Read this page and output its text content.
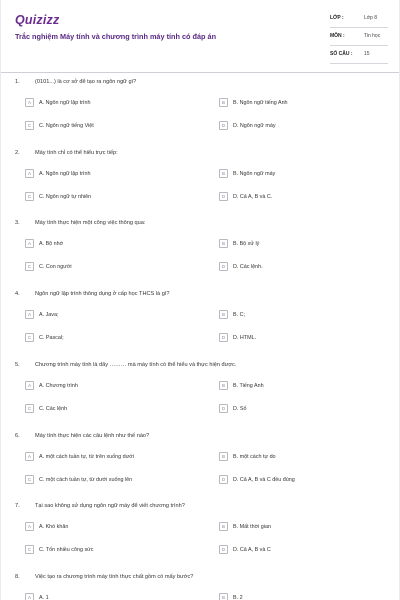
Quizizz
Trắc nghiệm Máy tính và chương trình máy tính có đáp án
LỚP :	Lớp 8
MÔN :	Tin học
SỐ CÂU : 15
1.	(0101...) là cơ sở để tạo ra ngôn ngữ gì?
A	A. Ngôn ngữ lập trình	B	B. Ngôn ngữ tiếng Anh
C	C. Ngôn ngữ tiếng Việt	D	D. Ngôn ngữ máy
2.	Máy tính chỉ có thể hiểu trực tiếp:
A	A. Ngôn ngữ lập trình	B	B. Ngôn ngữ máy
C	C. Ngôn ngữ tự nhiên	D	D. Cả A, B và C.
3.	Máy tính thực hiện một công việc thông qua:
A	A. Bộ nhớ	B	B. Bộ xử lý
C	C. Con người	D	D. Các lệnh.
4.	Ngôn ngữ lập trình thông dụng ở cấp học THCS là gì?
A	A. Java;	B	B. C;
C	C. Pascal;	D	D. HTML.
5.	Chương trình máy tính là dãy ……… mà máy tính có thể hiểu và thực hiện được.
A	A. Chương trình	B	B. Tiếng Anh
C	C. Các lệnh	D	D. Số
6.	Máy tính thực hiện các câu lệnh như thế nào?
A	A. một cách tuần tự, từ trên xuống dưới	B	B. một cách tự do
C	C. một cách tuần tự, từ dưới xuống lên	D	D. Cả A, B và C đều đúng
7.	Tại sao không sử dụng ngôn ngữ máy để viết chương trình?
A	A. Khó khăn	B	B. Mất thời gian
C	C. Tốn nhiều công sức	D	D. Cả A, B và C
8.	Việc tạo ra chương trình máy tính thực chất gồm có mấy bước?
A	A. 1	B	B. 2
